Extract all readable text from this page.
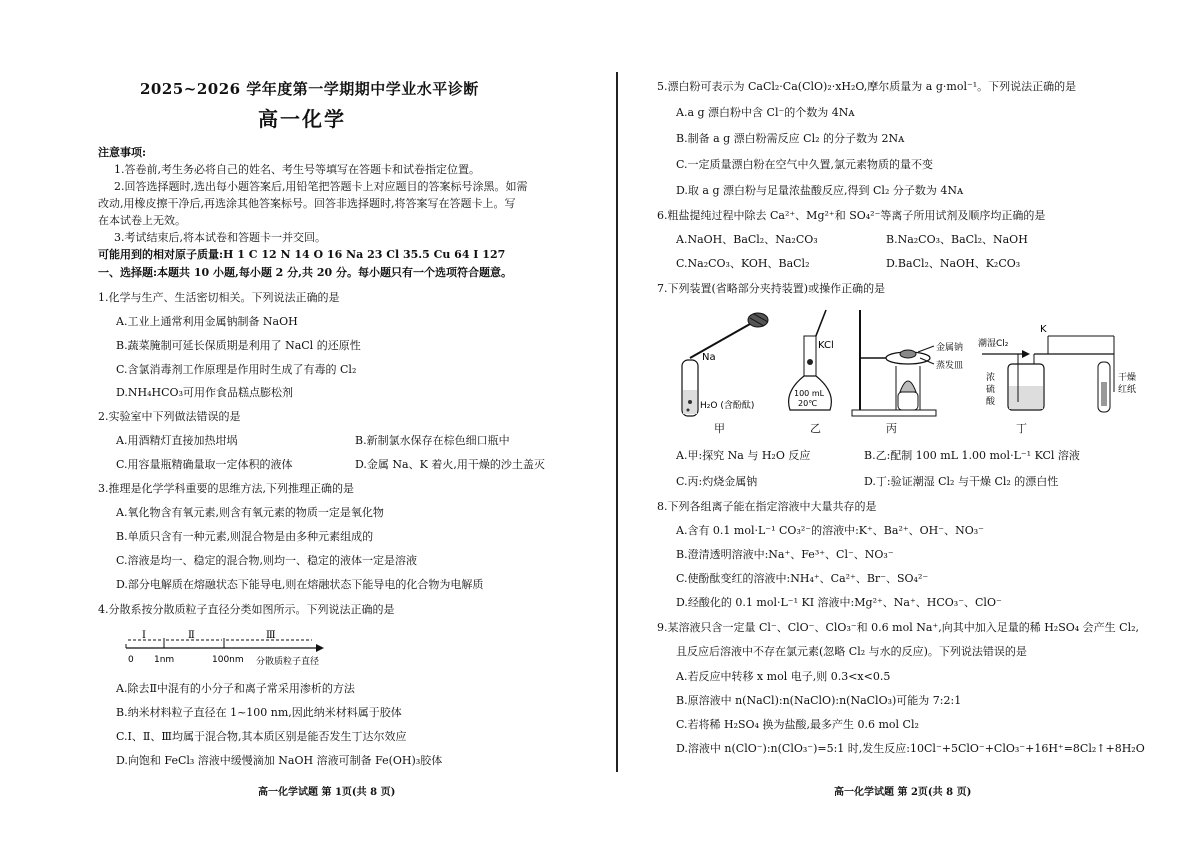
2025~2026 学年度第一学期期中学业水平诊断
高一化学
注意事项:
1.答卷前,考生务必将自己的姓名、考生号等填写在答题卡和试卷指定位置。
2.回答选择题时,选出每小题答案后,用铅笔把答题卡上对应题目的答案标号涂黑。如需
改动,用橡皮擦干净后,再选涂其他答案标号。回答非选择题时,将答案写在答题卡上。写
在本试卷上无效。
3.考试结束后,将本试卷和答题卡一并交回。
可能用到的相对原子质量:H 1 C 12 N 14 O 16 Na 23 Cl 35.5 Cu 64 I 127
一、选择题:本题共 10 小题,每小题 2 分,共 20 分。每小题只有一个选项符合题意。
1.化学与生产、生活密切相关。下列说法正确的是
A.工业上通常利用金属钠制备 NaOH
B.蔬菜腌制可延长保质期是利用了 NaCl 的还原性
C.含氯消毒剂工作原理是作用时生成了有毒的 Cl₂
D.NH₄HCO₃可用作食品糕点膨松剂
2.实验室中下列做法错误的是
A.用酒精灯直接加热坩埚	B.新制氯水保存在棕色细口瓶中
C.用容量瓶精确量取一定体积的液体	D.金属 Na、K 着火,用干燥的沙土盖灭
3.推理是化学学科重要的思维方法,下列推理正确的是
A.氧化物含有氧元素,则含有氧元素的物质一定是氧化物
B.单质只含有一种元素,则混合物是由多种元素组成的
C.溶液是均一、稳定的混合物,则均一、稳定的液体一定是溶液
D.部分电解质在熔融状态下能导电,则在熔融状态下能导电的化合物为电解质
4.分散系按分散质粒子直径分类如图所示。下列说法正确的是
Ⅰ	Ⅱ	Ⅲ
0 1nm	100nm 分散质粒子直径
A.除去Ⅱ中混有的小分子和离子常采用渗析的方法
B.纳米材料粒子直径在 1~100 nm,因此纳米材料属于胶体
C.Ⅰ、Ⅱ、Ⅲ均属于混合物,其本质区别是能否发生丁达尔效应
D.向饱和 FeCl₃ 溶液中缓慢滴加 NaOH 溶液可制备 Fe(OH)₃胶体
高一化学试题 第 1页(共 8 页)
5.漂白粉可表示为 CaCl₂·Ca(ClO)₂·xH₂O,摩尔质量为 a g·mol⁻¹。下列说法正确的是
A.a g 漂白粉中含 Cl⁻的个数为 4Nᴀ
B.制备 a g 漂白粉需反应 Cl₂ 的分子数为 2Nᴀ
C.一定质量漂白粉在空气中久置,氯元素物质的量不变
D.取 a g 漂白粉与足量浓盐酸反应,得到 Cl₂ 分子数为 4Nᴀ
6.粗盐提纯过程中除去 Ca²⁺、Mg²⁺和 SO₄²⁻等离子所用试剂及顺序均正确的是
A.NaOH、BaCl₂、Na₂CO₃	B.Na₂CO₃、BaCl₂、NaOH
C.Na₂CO₃、KOH、BaCl₂	D.BaCl₂、NaOH、K₂CO₃
7.下列装置(省略部分夹持装置)或操作正确的是
Na
H₂O (含酚酞)
甲
KCl
100 mL
20℃
乙
金属钠
蒸发皿
丙
潮湿Cl₂
K
浓
硫
酸
干燥
红纸
丁
A.甲:探究 Na 与 H₂O 反应	B.乙:配制 100 mL 1.00 mol·L⁻¹ KCl 溶液
C.丙:灼烧金属钠	D.丁:验证潮湿 Cl₂ 与干燥 Cl₂ 的漂白性
8.下列各组离子能在指定溶液中大量共存的是
A.含有 0.1 mol·L⁻¹ CO₃²⁻的溶液中:K⁺、Ba²⁺、OH⁻、NO₃⁻
B.澄清透明溶液中:Na⁺、Fe³⁺、Cl⁻、NO₃⁻
C.使酚酞变红的溶液中:NH₄⁺、Ca²⁺、Br⁻、SO₄²⁻
D.经酸化的 0.1 mol·L⁻¹ KI 溶液中:Mg²⁺、Na⁺、HCO₃⁻、ClO⁻
9.某溶液只含一定量 Cl⁻、ClO⁻、ClO₃⁻和 0.6 mol Na⁺,向其中加入足量的稀 H₂SO₄ 会产生 Cl₂,
且反应后溶液中不存在氯元素(忽略 Cl₂ 与水的反应)。下列说法错误的是
A.若反应中转移 x mol 电子,则 0.3<x<0.5
B.原溶液中 n(NaCl):n(NaClO):n(NaClO₃)可能为 7:2:1
C.若将稀 H₂SO₄ 换为盐酸,最多产生 0.6 mol Cl₂
D.溶液中 n(ClO⁻):n(ClO₃⁻)=5:1 时,发生反应:10Cl⁻+5ClO⁻+ClO₃⁻+16H⁺=8Cl₂↑+8H₂O
高一化学试题 第 2页(共 8 页)
